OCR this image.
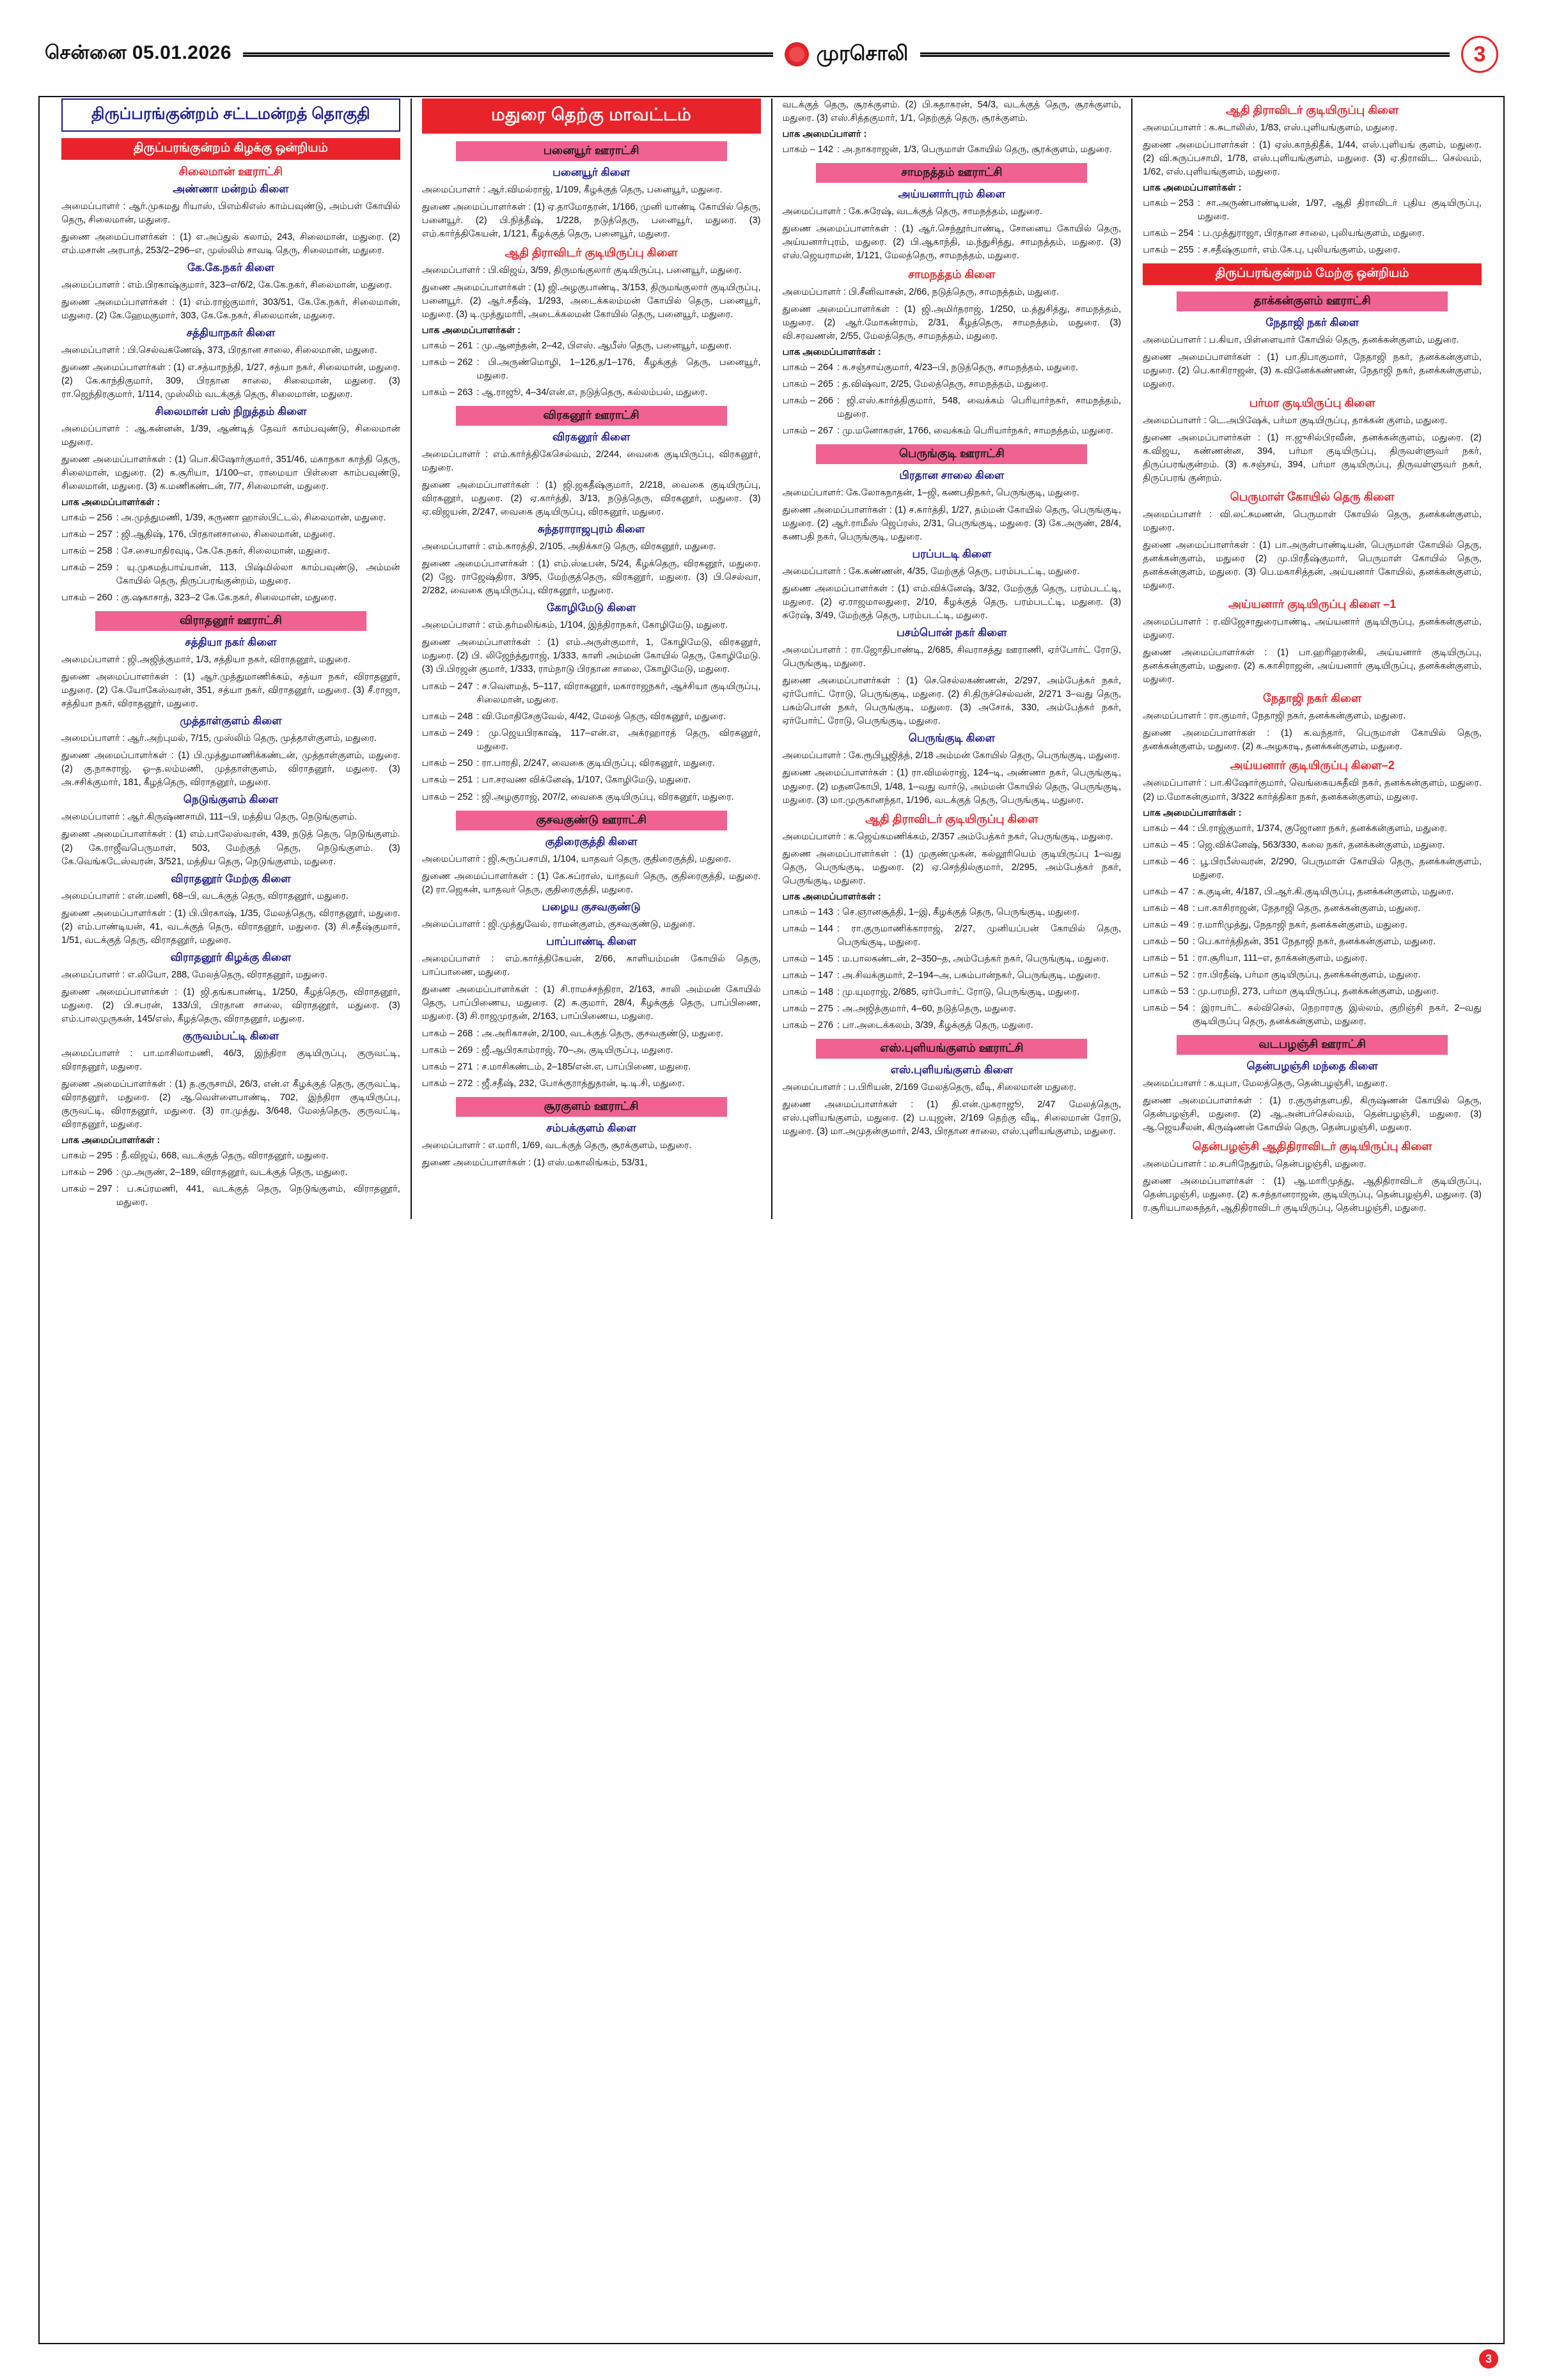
சென்னை 05.01.2026	முரசொலி	3
திருப்பரங்குன்றம் சட்டமன்றத் தொகுதி
திருப்பரங்குன்றம் கிழக்கு ஒன்றியம்
சிலைமான் ஊராட்சி
அண்ணா மன்றம் கிளை

அமைப்பாளர் : ஆர்.முகமது ரியாஸ், பிஎம்கிஎஸ் காம்பவுண்டு, அம்பள் கோயில் தெரு, சிலைமான், மதுரை.

துணை அமைப்பாளர்கள் : (1) எ.அப்துல் கலாம், 243, சிலைமான், மதுரை. (2) எம்.மசான் அரபாத், 253/2–296–எ, முஸ்லிம் சாவடி தெரு, சிலைமான், மதுரை.

கே.கே.நகர் கிளை

அமைப்பாளர் : எம்.பிரகாஷ்குமார், 323–எ/6/2, கே.கே.நகர், சிலைமான், மதுரை.

துணை அமைப்பாளர்கள் : (1) எம்.ராஜ்குமார், 303/51, கே.கே.நகர், சிலைமான், மதுரை. (2) கே.ஹேமகுமார், 303, கே.கே.நகர், சிலைமான், மதுரை.

சத்தியாநகர் கிளை

அமைப்பாளர் : பி.செல்வகணேஷ், 373, பிரதான சாலை, சிலைமான், மதுரை.

துணை அமைப்பாளர்கள் : (1) எ.சத்யாநந்தி, 1/27, சத்யா நகர், சிலைமான், மதுரை. (2) கே.காந்திகுமார், 309, பிரதான சாலை, சிலைமான், மதுரை. (3) ரா.ஜெந்திரகுமார், 1/114, முஸ்லிம் வடக்குத் தெரு, சிலைமான், மதுரை.

சிலைமான் பஸ் நிறுத்தம் கிளை

அமைப்பாளர் : ஆ.கன்னன், 1/39, ஆண்டித் தேவர் காம்பவுண்டு, சிலைமான் மதுரை.

துணை அமைப்பாளர்கள் : (1) பொ.கிஷோர்குமார், 351/46, மகாநகா காந்தி தெரு, சிலைமான், மதுரை. (2) க.சூரியா, 1/100–எ, ராமையா பிள்ளை காம்பவுண்டு, சிலைமான், மதுரை. (3) க.மணிகண்டன், 7/7, சிலைமான், மதுரை.

பாக அமைப்பாளர்கள் :
பாகம் – 256 : அ.முத்துமணி, 1/39, கருணா ஹாஸ்பிட்டல், சிலைமான், மதுரை.
பாகம் – 257 : ஜி.ஆதிஷ், 176, பிரதானசாலை, சிலைமான், மதுரை.
பாகம் – 258 : சே.சையாதிரவுடி, கே.கே.நகர், சிலைமான், மதுரை.
பாகம் – 259 : யு.முகமத்பாய்யான், 113, பிஷ்மில்லா காம்பவுண்டு, அம்மன் கோயில் தெரு, திருப்பரங்குன்றம், மதுரை.
பாகம் – 260 : கு.ஷகாசாத், 323–2 கே.கே.நகர், சிலைமான், மதுரை.
விராதனூர் ஊராட்சி
சத்தியா நகர் கிளை

அமைப்பாளர் : ஜி.அஜித்குமார், 1/3, சத்தியா நகர், விராதனூர், மதுரை.

துணை அமைப்பாளர்கள் : (1) ஆர்.முத்துமாணிக்கம், சத்யா நகர், விராதனூர், மதுரை. (2) கே.யோகேஸ்வரன், 351, சத்யா நகர், விராதனூர், மதுரை. (3) சீ.ராஜா, சத்தியா நகர், விராதனூர், மதுரை.

முத்தாள்குளம் கிளை

அமைப்பாளர் : ஆர்.அற்புமல், 7/15, முஸ்லிம் தெரு, முத்தாள்குளம், மதுரை.

துணை அமைப்பாளர்கள் : (1) பி.முத்துமாணிக்கண்டன், முத்தாள்குளம், மதுரை. (2) கு.நாகராஜ், ஓ–த.லம்மணி, முத்தாள்குளம், விராதனூர், மதுரை. (3) அ.சசிக்குமார், 181, கீழத்தெரு, விராதனூர், மதுரை.

நெடுங்குளம் கிளை

அமைப்பாளர் : ஆர்.கிருஷ்ணசாமி, 111–பி, மத்திய தெரு, நெடுங்குளம்.

துணை அமைப்பாளர்கள் : (1) எம்.பாலேஸ்வரன், 439, நடுத் தெரு, நெடுங்குளம். (2) கே.ராஜீவபெருமாள், 503, மேற்குத் தெரு, நெடுங்குளம். (3) கே.வெங்கடேஸ்வரன், 3/521, மத்திய தெரு, நெடுங்குளம், மதுரை.

விராதனூர் மேற்கு கிளை

அமைப்பாளர் : என்.மணி, 68–பி, வடக்குத் தெரு, விராதனூர், மதுரை.

துணை அமைப்பாளர்கள் : (1) பி.பிரகாஷ், 1/35, மேலத்தெரு, விராதனூர், மதுரை. (2) எம்.பாண்டியன், 41, வடக்குத் தெரு, விராதனூர், மதுரை. (3) சி.சதீஷ்குமார், 1/51, வடக்குத் தெரு, விராதனூர், மதுரை.

விராதனூர் கிழக்கு கிளை

அமைப்பாளர் : எ.லியோ, 288, மேலத்தெரு, விராதனூர், மதுரை.

துணை அமைப்பாளர்கள் : (1) ஜி.தங்கபாண்டி, 1/250, கீழத்தெரு, விராதனூர், மதுரை. (2) பி.சபரன், 133/பி, பிரதான சாலை, விராதனூர், மதுரை. (3) எம்.பாலமுருகன், 145/எஸ், கீழத்தெரு, விராதனூர், மதுரை.

குருவம்பட்டி கிளை

அமைப்பாளர் : பா.மாசிலாமணி, 46/3, இந்திரா குடியிருப்பு, குருவட்டி, விராதனூர், மதுரை.

துணை அமைப்பாளர்கள் : (1) த.குருசாமி, 26/3, என்.எ கீழக்குத் தெரு, குருவட்டி, விராதனூர், மதுரை. (2) ஆ.வெள்ளைபாண்டி, 702, இந்திரா குடியிருப்பு, குருவட்டி, விராதனூர், மதுரை. (3) ரா.முத்து, 3/648, மேலத்தெரு, குருவட்டி, விராதனூர், மதுரை.

பாக அமைப்பாளர்கள் :
பாகம் – 295 : நீ.விஜய், 668, வடக்குத் தெரு, விராதனூர், மதுரை.
பாகம் – 296 : மு.அருண், 2–189, விராதனூர், வடக்குத் தெரு, மதுரை.
பாகம் – 297 : ப.சுப்ரமணி, 441, வடக்குத் தெரு, நெடுங்குளம், விராதனூர், மதுரை.
மதுரை தெற்கு மாவட்டம்
பனையூர் ஊராட்சி
பனையூர் கிளை

அமைப்பாளர் : ஆர்.விமல்ராஜ், 1/109, கீழக்குத் தெரு, பனையூர், மதுரை.

துணை அமைப்பாளர்கள் : (1) ஏ.தாமோதரன், 1/166, முனி யாண்டி கோயில் தெரு, பனையூர். (2) பி.நித்தீஷ், 1/228, நடுத்தெரு, பனையூர், மதுரை. (3) எம்.கார்த்திகேயன், 1/121, கீழக்குத் தெரு, பனையூர், மதுரை.

ஆதி திராவிடர் குடியிருப்பு கிளை

அமைப்பாளர் : பி.விஜய், 3/59, திருமங்குலார் குடியிருப்பு, பனையூர், மதுரை.

துணை அமைப்பாளர்கள் : (1) ஜி.அழகுபாண்டி, 3/153, திருமங்குலார் குடியிருப்பு, பனையூர். (2) ஆர்.சதீஷ், 1/293, அடைக்கலம்மன் கோயில் தெரு, பனையூர், மதுரை. (3) டி.முத்துமாரி, அடைக்கலமன் கோயில் தெரு, பனையூர், மதுரை.

பாக அமைப்பாளர்கள் :
பாகம் – 261 : மு.ஆனந்தன், 2–42, பிஎஸ். ஆபீஸ் தெரு, பனையூர், மதுரை.
பாகம் – 262 : பி.அருண்மொழி, 1–126,த/1–176, கீழக்குத் தெரு, பனையூர், மதுரை.
பாகம் – 263 : ஆ.ராஜூ, 4–34/என்.எ, நடுத்தெரு, கல்லம்பல், மதுரை.
விரகனூர் ஊராட்சி
விரகனூர் கிளை

அமைப்பாளர் : எம்.கார்த்திகேசெல்வம், 2/244, வைகை குடியிருப்பு, விரகனூர், மதுரை.

துணை அமைப்பாளர்கள் : (1) ஜி.ஜகதீஷ்குமார், 2/218, வைகை குடியிருப்பு, விரகனூர், மதுரை. (2) ஏ.கார்த்தி, 3/13, நடுத்தெரு, விரகனூர், மதுரை. (3) ஏ.விஜயன், 2/247, வைகை குடியிருப்பு, விரகனூர், மதுரை.

சுந்தராராஜபுரம் கிளை

அமைப்பாளர் : எம்.காரத்தி, 2/105, அதிக்காடு தெரு, விரகனூர், மதுரை.

துணை அமைப்பாளர்கள் : (1) எம்.ஸ்டீபன், 5/24, கீழக்தெரு, விரகனூர், மதுரை. (2) ஜே. ராஜேஷ்திரா, 3/95, மேற்குத்தெரு, விரகனூர், மதுரை. (3) பி.செல்வா, 2/282, வைகை குடியிருப்பு, விரகனூர், மதுரை.

கோழிமேடு கிளை

அமைப்பாளர் : எம்.தர்மலிங்கம், 1/104, இந்திராநகர், கோழிமேடு, மதுரை.

துணை அமைப்பாளர்கள் : (1) எம்.அருள்குமார், 1, கோழிமேடு, விரகனூர், மதுரை. (2) பி. லிஜேந்த்துராஜ், 1/333, காளி அம்மன் கோயில் தெரு, கோழிமேடு. (3) பி.பிரஜன் குமார், 1/333, ராம்நாடு பிரதான சாலை, கோழிமேடு, மதுரை.

பாகம் – 247 : ச.வெளமத், 5–117, விராகனூர், மகாராஜநகர், ஆச்சியா குடியிருப்பு, சிலைமான், மதுரை.
பாகம் – 248 : வி.மோதிசேகுவேல், 4/42, மேலத் தெரு, விரகனூர், மதுரை.
பாகம் – 249 : மு.ஜெயபிரகாஷ், 117–என்.எ, அக்ரஹாரத் தெரு, விரகனூர், மதுரை.
பாகம் – 250 : ரா.பாரதி, 2/247, வைகை குடியிருப்பு, விரகனூர், மதுரை.
பாகம் – 251 : பா.சரவண விக்னேஷ், 1/107, கோழிமேடு, மதுரை.
பாகம் – 252 : ஜி.அழகுராஜ், 207/2, வைகை குடியிருப்பு, விரகனூர், மதுரை.
குசவகுண்டு ஊராட்சி
குதிரைகுத்தி கிளை

அமைப்பாளர் : ஜி.சுருப்பசாமி, 1/104, யாதவர் தெரு, குதிரைகுத்தி, மதுரை.

துணை அமைப்பாளர்கள் : (1) கே.சுப்ராஸ், யாதவர் தெரு, குதிரைகுத்தி, மதுரை. (2) ரா.ஜெகன், யாதவர் தெரு, குதிரைகுத்தி, மதுரை.

பழைய குசவகுண்டு

அமைப்பாளர் : ஜி.முத்துவேல், ராமன்குளம், குசவகுண்டு, மதுரை.

பாப்பாண்டி கிளை

அமைப்பாளர் : எம்.கார்த்திகேயன், 2/66, காளியம்மன் கோயில் தெரு, பாப்பாணை, மதுரை.

துணை அமைப்பாளர்கள் : (1) சி.ராமச்சந்திரா, 2/163, சாலி அம்மன் கோயில் தெரு, பாப்பிணைய, மதுரை. (2) சு.குமார், 28/4, கீழக்குத் தெரு, பாப்பிணை, மதுரை. (3) சி.ராஜமுரதன், 2/163, பாப்பிணைய, மதுரை.

பாகம் – 268 : அ.அரிகாசன், 2/100, வடக்குத் தெரு, குசவகுண்டு, மதுரை.
பாகம் – 269 : ஜீ.ஆபிரகாம்ராஜ், 70–அ, குடியிருப்பு, மதுரை.
பாகம் – 271 : ச.மாசிகண்டம், 2–185/என்.எ, பாப்பிணை, மதுரை.
பாகம் – 272 : ஜீ.சதீஷ், 232, போக்குராத்துதரன், டி.டி.சி, மதுரை.
சூரகுளம் ஊராட்சி
சம்பக்குளம் கிளை

அமைப்பாளர் : எ.மாரி, 1/69, வடக்குத் தெரு, சூரக்குளம், மதுரை.

துணை அமைப்பாளர்கள் : (1) எஸ்.மகாலிங்கம், 53/31,

வடக்குத் தெரு, சூரக்குளம். (2) பி.சுதாகரன், 54/3, வடக்குத் தெரு, சூரக்குளம், மதுரை. (3) எஸ்.சித்தகுமார், 1/1, தெற்குத் தெரு, சூரக்குளம்.

பாக அமைப்பாளர் :
பாகம் – 142 : அ.நாகராஜன், 1/3, பெருமாள் கோயில் தெரு, சூரக்குளம், மதுரை.
சாமநத்தம் ஊராட்சி
அய்யனார்புரம் கிளை

அமைப்பாளர் : கே.சுரேஷ், வடக்குத் தெரு, சாமநத்தம், மதுரை.

துணை அமைப்பாளர்கள் : (1) ஆர்.செந்தூர்பாண்டி, சோனைய கோயில் தெரு, அய்யனார்புரம், மதுரை. (2) பி.ஆகாந்தி, ம.ந்துசித்து, சாமநத்தம், மதுரை. (3) எஸ்.ஜெயராமன், 1/121, மேலத்தெரு, சாமநத்தம், மதுரை.

சாமநத்தம் கிளை

அமைப்பாளர் : பி.சீனிவாசன், 2/66, நடுத்தெரு, சாமநத்தம், மதுரை.

துணை அமைப்பாளர்கள் : (1) ஜி.அமிர்தராஜ், 1/250, ம.த்துசித்து, சாமநத்தம், மதுரை. (2) ஆர்.மோகன்ராம், 2/31, கீழத்தெரு, சாமநத்தம், மதுரை. (3) வி.சரவணன், 2/55, மேலத்தெரு, சாமநத்தம், மதுரை.

பாக அமைப்பாளர்கள் :
பாகம் – 264 : க.சஞ்சாய்குமார், 4/23–பி, நடுத்தெரு, சாமநத்தம், மதுரை.
பாகம் – 265 : த.விஷ்வா, 2/25, மேலத்தெரு, சாமநத்தம், மதுரை.
பாகம் – 266 : ஜி.எஸ்.கார்த்திகுமார், 548, வைக்கம் பெரியார்நகர், சாமநத்தம், மதுரை.
பாகம் – 267 : மு.மனோகரன், 1766, வைக்கம் பெரியார்நகர், சாமநத்தம், மதுரை.
பெருங்குடி ஊராட்சி
பிரதான சாலை கிளை

அமைப்பாளர்: கே.லோகநாதன், 1–ஜி, கணபதிநகர், பெருங்குடி, மதுரை.

துணை அமைப்பாளர்கள் : (1) ச.கார்த்தி, 1/27, தம்மன் கோயில் தெரு, பெருங்குடி, மதுரை. (2) ஆர்.ராமீஸ் ஜெப்ரஸ், 2/31, பெருங்குடி, மதுரை. (3) கே.அருண், 28/4, கணபதி நகர், பெருங்குடி, மதுரை.

பரப்படடி கிளை

அமைப்பாளர் : கே.கண்ணன், 4/35, மேற்குத் தெரு, பரம்படட்டி, மதுரை.

துணை அமைப்பாளர்கள் : (1) எம்.விக்னேஷ், 3/32, மேற்குத் தெரு, பரம்படட்டி, மதுரை. (2) ஏ.ராஜமாலதுரை, 2/10, கீழக்குத் தெரு, பரம்படட்டி, மதுரை. (3) சுரேஷ், 3/49, மேற்குத் தெரு, பரம்படட்டி, மதுரை.

பசம்பொன் நகர் கிளை

அமைப்பாளர் : ரா.ஜோதிபாண்டி, 2/685, சிவராசத்து ஊராணி, ஏர்போர்ட் ரோடு, பெருங்குடி, மதுரை.

துணை அமைப்பாளர்கள் : (1) செ.செல்லகண்ணன், 2/297, அம்பேத்கர் நகர், ஏர்போர்ட் ரோடு, பெருங்குடி, மதுரை. (2) சி.திருச்செல்வன், 2/271 3–வது தெரு, பசும்பொன் நகர், பெருங்குடி, மதுரை. (3) அசோக், 330, அம்பேத்கர் நகர், ஏர்போர்ட் ரோடு, பெருங்குடி, மதுரை.

பெருங்குடி கிளை

அமைப்பாளர் : கே.ரூபிபூஜித்த், 2/18 அம்மன் கோயில் தெரு, பெருங்குடி, மதுரை.

துணை அமைப்பாளர்கள் : (1) ரா.விமல்ராஜ், 124–டி, அண்ணா நகர், பெருங்குடி, மதுரை. (2) மதனகோபி, 1/48, 1–வது வார்டு, அம்மன் கோயில் தெரு, பெருங்குடி, மதுரை. (3) மா.முருகானந்தா, 1/196, வடக்குத் தெரு, பெருங்குடி, மதுரை.

ஆதி திராவிடர் குடியிருப்பு கிளை

அமைப்பாளர் : க.ஜெய்கமணிக்கம், 2/357 அம்பேத்கர் நகர், பெருங்குடி, மதுரை.

துணை அமைப்பாளர்கள் : (1) முகுண்முகன், கல்லூரியெம் குடியிருப்பு 1–வது தெரு, பெருங்குடி, மதுரை. (2) ஏ.செந்தில்குமார், 2/295, அம்பேத்கர் நகர், பெருங்குடி, மதுரை.

பாக அமைப்பாளர்கள் :
பாகம் – 143 : செ.ஞானசூத்தி, 1–இ, கீழக்குத் தெரு, பெருங்குடி, மதுரை.
பாகம் – 144 : ரா.குருமாணிக்காராஜ், 2/27, முனியப்பன் கோயில் தெரு, பெருங்குடி, மதுரை.
பாகம் – 145 : ம.பாலகண்டன், 2–350–த, அம்பேத்கர் நகர், பெருங்குடி, மதுரை.
பாகம் – 147 : அ.சிவக்குமார், 2–194–அ, பசும்பான்நகர், பெருங்குடி, மதுரை.
பாகம் – 148 : மு.யுமராஜ், 2/685, ஏர்போர்ட் ரோடு, பெருங்குடி, மதுரை.
பாகம் – 275 : அ.அஜித்குமார், 4–60, நடுத்தெரு, மதுரை.
பாகம் – 276 : பா.அடைக்கலம், 3/39, கீழக்குத் தெரு, மதுரை.
எஸ்.புளியங்குளம் ஊராட்சி
எஸ்.புளியங்குளம் கிளை

அமைப்பாளர் : ப.பிரியன், 2/169 மேலத்தெரு, வீடி, சிலைமான் மதுரை.

துணை அமைப்பாளர்கள் : (1) தி.என்.முகராஜூ, 2/47 மேலத்தெரு, எஸ்.புளியங்குளம், மதுரை. (2) ப.யுஜன், 2/169 தெற்கு வீடி, சிலைமான் ரோடு, மதுரை. (3) மா.அமுதன்குமார், 2/43, பிரதான சாலை, எஸ்.புளியங்குளம், மதுரை.

ஆதி திராவிடர் குடியிருப்பு கிளை

அமைப்பாளர் : க.சுடாலிஸ், 1/83, எஸ்.புளியங்குளம், மதுரை.

துணை அமைப்பாளர்கள் : (1) ஏஸ்.காந்திதீக், 1/44, எஸ்.புளியங் குளம், மதுரை. (2) வி.சுருப்பசாமி, 1/78, எஸ்.புளியங்குளம், மதுரை. (3) ஏ.திராவிட. செல்வம், 1/62, எஸ்.புளியங்குளம், மதுரை.

பாக அமைப்பாளர்கள் :
பாகம் – 253 : சா.அருண்பாண்டியன், 1/97, ஆதி திராவிடர் புதிய குடியிருப்பு, மதுரை.
பாகம் – 254 : ப.முத்துராஜா, பிரதான சாலை, புலியங்குளம், மதுரை.
பாகம் – 255 : ச.சதீஷ்குமார், எம்.கே.பு, புலியங்குளம், மதுரை.
திருப்பரங்குன்றம் மேற்கு ஒன்றியம்
தாக்கன்குளம் ஊராட்சி
நேதாஜி நகர் கிளை

அமைப்பாளர் : ப.கியா, பிள்ளையார் கோயில் தெரு, தனக்கன்குளம், மதுரை.

துணை அமைப்பாளர்கள் : (1) பா.திபாகுமார், நேதாஜி நகர், தனக்கன்குளம், மதுரை. (2) பெ.காசிராஜன், (3) க.வினேக்கண்ணன், நேதாஜி நகர், தனக்கன்குளம், மதுரை.

பர்மா குடியிருப்பு கிளை

அமைப்பாளர் : டெ.அபிஷேக், பர்மா குடியிருப்பு, தாக்கன் குளம், மதுரை.

துணை அமைப்பாளர்கள் : (1) ஈ.ஜுசில்பிரவீன், தனக்கன்குளம், மதுரை. (2) க.விஜய, கண்ணன்ன, 394, பர்மா குடியிருப்பு, திருவள்ளுவர் நகர், திருப்பரங்குன்றம். (3) க.சஞ்சய், 394, பர்மா குடியிருப்பு, திருவள்ளுவர் நகர், திருப்பரங் குன்றம்.

பெருமாள் கோயில் தெரு கிளை

அமைப்பாளர் : வி.லட்சுமணன், பெருமாள் கோயில் தெரு, தனக்கன்குளம், மதுரை.

துணை அமைப்பாளர்கள் : (1) பா.அருள்பாண்டியன், பெருமாள் கோயில் தெரு, தனக்கன்குளம், மதுரை (2) மு.பிரதீஷ்குமார், பெருமாள் கோயில் தெரு, தனக்கன்குளம், மதுரை. (3) பெ.மகாசித்தன், அய்யனார் கோயில், தனக்கன்குளம், மதுரை.

அய்யனார் குடியிருப்பு கிளை –1

அமைப்பாளர் : ர.விஜேசாதுரைபாண்டி, அய்யனார் குடியிருப்பு, தனக்கன்குளம், மதுரை.

துணை அமைப்பாளர்கள் : (1) பா.ஹரிஹரன்கி, அய்யனார் குடியிருப்பு, தனக்கன்குளம், மதுரை. (2) க.காசிராஜன், அய்யனார் குடியிருப்பு, தனக்கன்குளம், மதுரை.

நேதாஜி நகர் கிளை

அமைப்பாளர் : ரா.குமார், நேதாஜி நகர், தனக்கன்குளம், மதுரை.

துணை அமைப்பாளர்கள் : (1) க.வந்தார், பெருமாள் கோயில் தெரு, தனக்கன்குளம், மதுரை. (2) க.அழகரடி, தனக்கன்குளம், மதுரை.

அய்யனார் குடியிருப்பு கிளை–2

அமைப்பாளர் : பா.கிஷோர்குமார், வெங்கையசுதீவி நகர், தனக்கன்குளம், மதுரை. (2) ம.மோகன்குமார், 3/322 கார்த்திகா நகர், தனக்கன்குளம், மதுரை.

பாக அமைப்பாளர்கள் :
பாகம் – 44 : பி.ராஜ்குமார், 1/374, குஜோனா நகர், தனக்கன்குளம், மதுரை.
பாகம் – 45 : ஜெ.விக்னேஷ், 563/330, கலை நகர், தனக்கன்குளம், மதுரை.
பாகம் – 46 : பூ.பிரபீஸ்வரன், 2/290, பெருமாள் கோயில் தெரு, தனக்கன்குளம், மதுரை.
பாகம் – 47 : க.குடின், 4/187, பி.ஆர்.கி.குடியிருப்பு, தனக்கன்குளம், மதுரை.
பாகம் – 48 : பா.காசிராஜன், நேதாஜி தெரு, தனக்கன்குளம், மதுரை.
பாகம் – 49 : ர.மாரிமுத்து, நேதாஜி நகர், தனக்கன்குளம், மதுரை.
பாகம் – 50 : பெ.கார்த்திதன், 351 நேதாஜி நகர், தனக்கன்குளம், மதுரை.
பாகம் – 51 : ரா.சூரியா, 111–எ, தாக்கன்குளம், மதுரை.
பாகம் – 52 : ரா.பிரதீஷ், பர்மா குடியிருப்பு, தனக்கன்குளம், மதுரை.
பாகம் – 53 : மு.பரமநி, 273, பர்மா குடியிருப்பு, தனக்கன்குளம், மதுரை.
பாகம் – 54 : இராபர்ட். கல்விசெல், நெறாராகு இல்லம், குறிஞ்சி நகர், 2–வது குடியிருப்பு தெரு, தனக்கன்குளம், மதுரை.
வடபழஞ்சி ஊராட்சி
தென்பழஞ்சி மந்தை கிளை

அமைப்பாளர் : க.யுபா, மேலத்தெரு, தென்பழஞ்சி, மதுரை.

துணை அமைப்பாளர்கள் : (1) ர.குருள்தளபதி, கிருஷ்ணன் கோயில் தெரு, தென்பழஞ்சி, மதுரை. (2) ஆ.அன்பர்செல்வம், தென்பழஞ்சி, மதுரை. (3) ஆ.ஜெயசீலன், கிருஷ்ணன் கோயில் தெரு, தென்பழஞ்சி, மதுரை.

தென்பழஞ்சி ஆதிதிராவிடர் குடியிருப்பு கிளை

அமைப்பாளர் : ம.சபரிநேதுரம், தென்பழஞ்சி, மதுரை.

துணை அமைப்பாளர்கள் : (1) ஆ.மாரிமுத்து, ஆதிதிராவிடர் குடியிருப்பு, தென்பழஞ்சி, மதுரை. (2) க.சந்தானராஜன், குடியிருப்பு, தென்பழஞ்சி, மதுரை. (3) ர.சூரியபாலசுந்தர், ஆதிதிராவிடர் குடியிருப்பு, தென்பழஞ்சி, மதுரை.

3
